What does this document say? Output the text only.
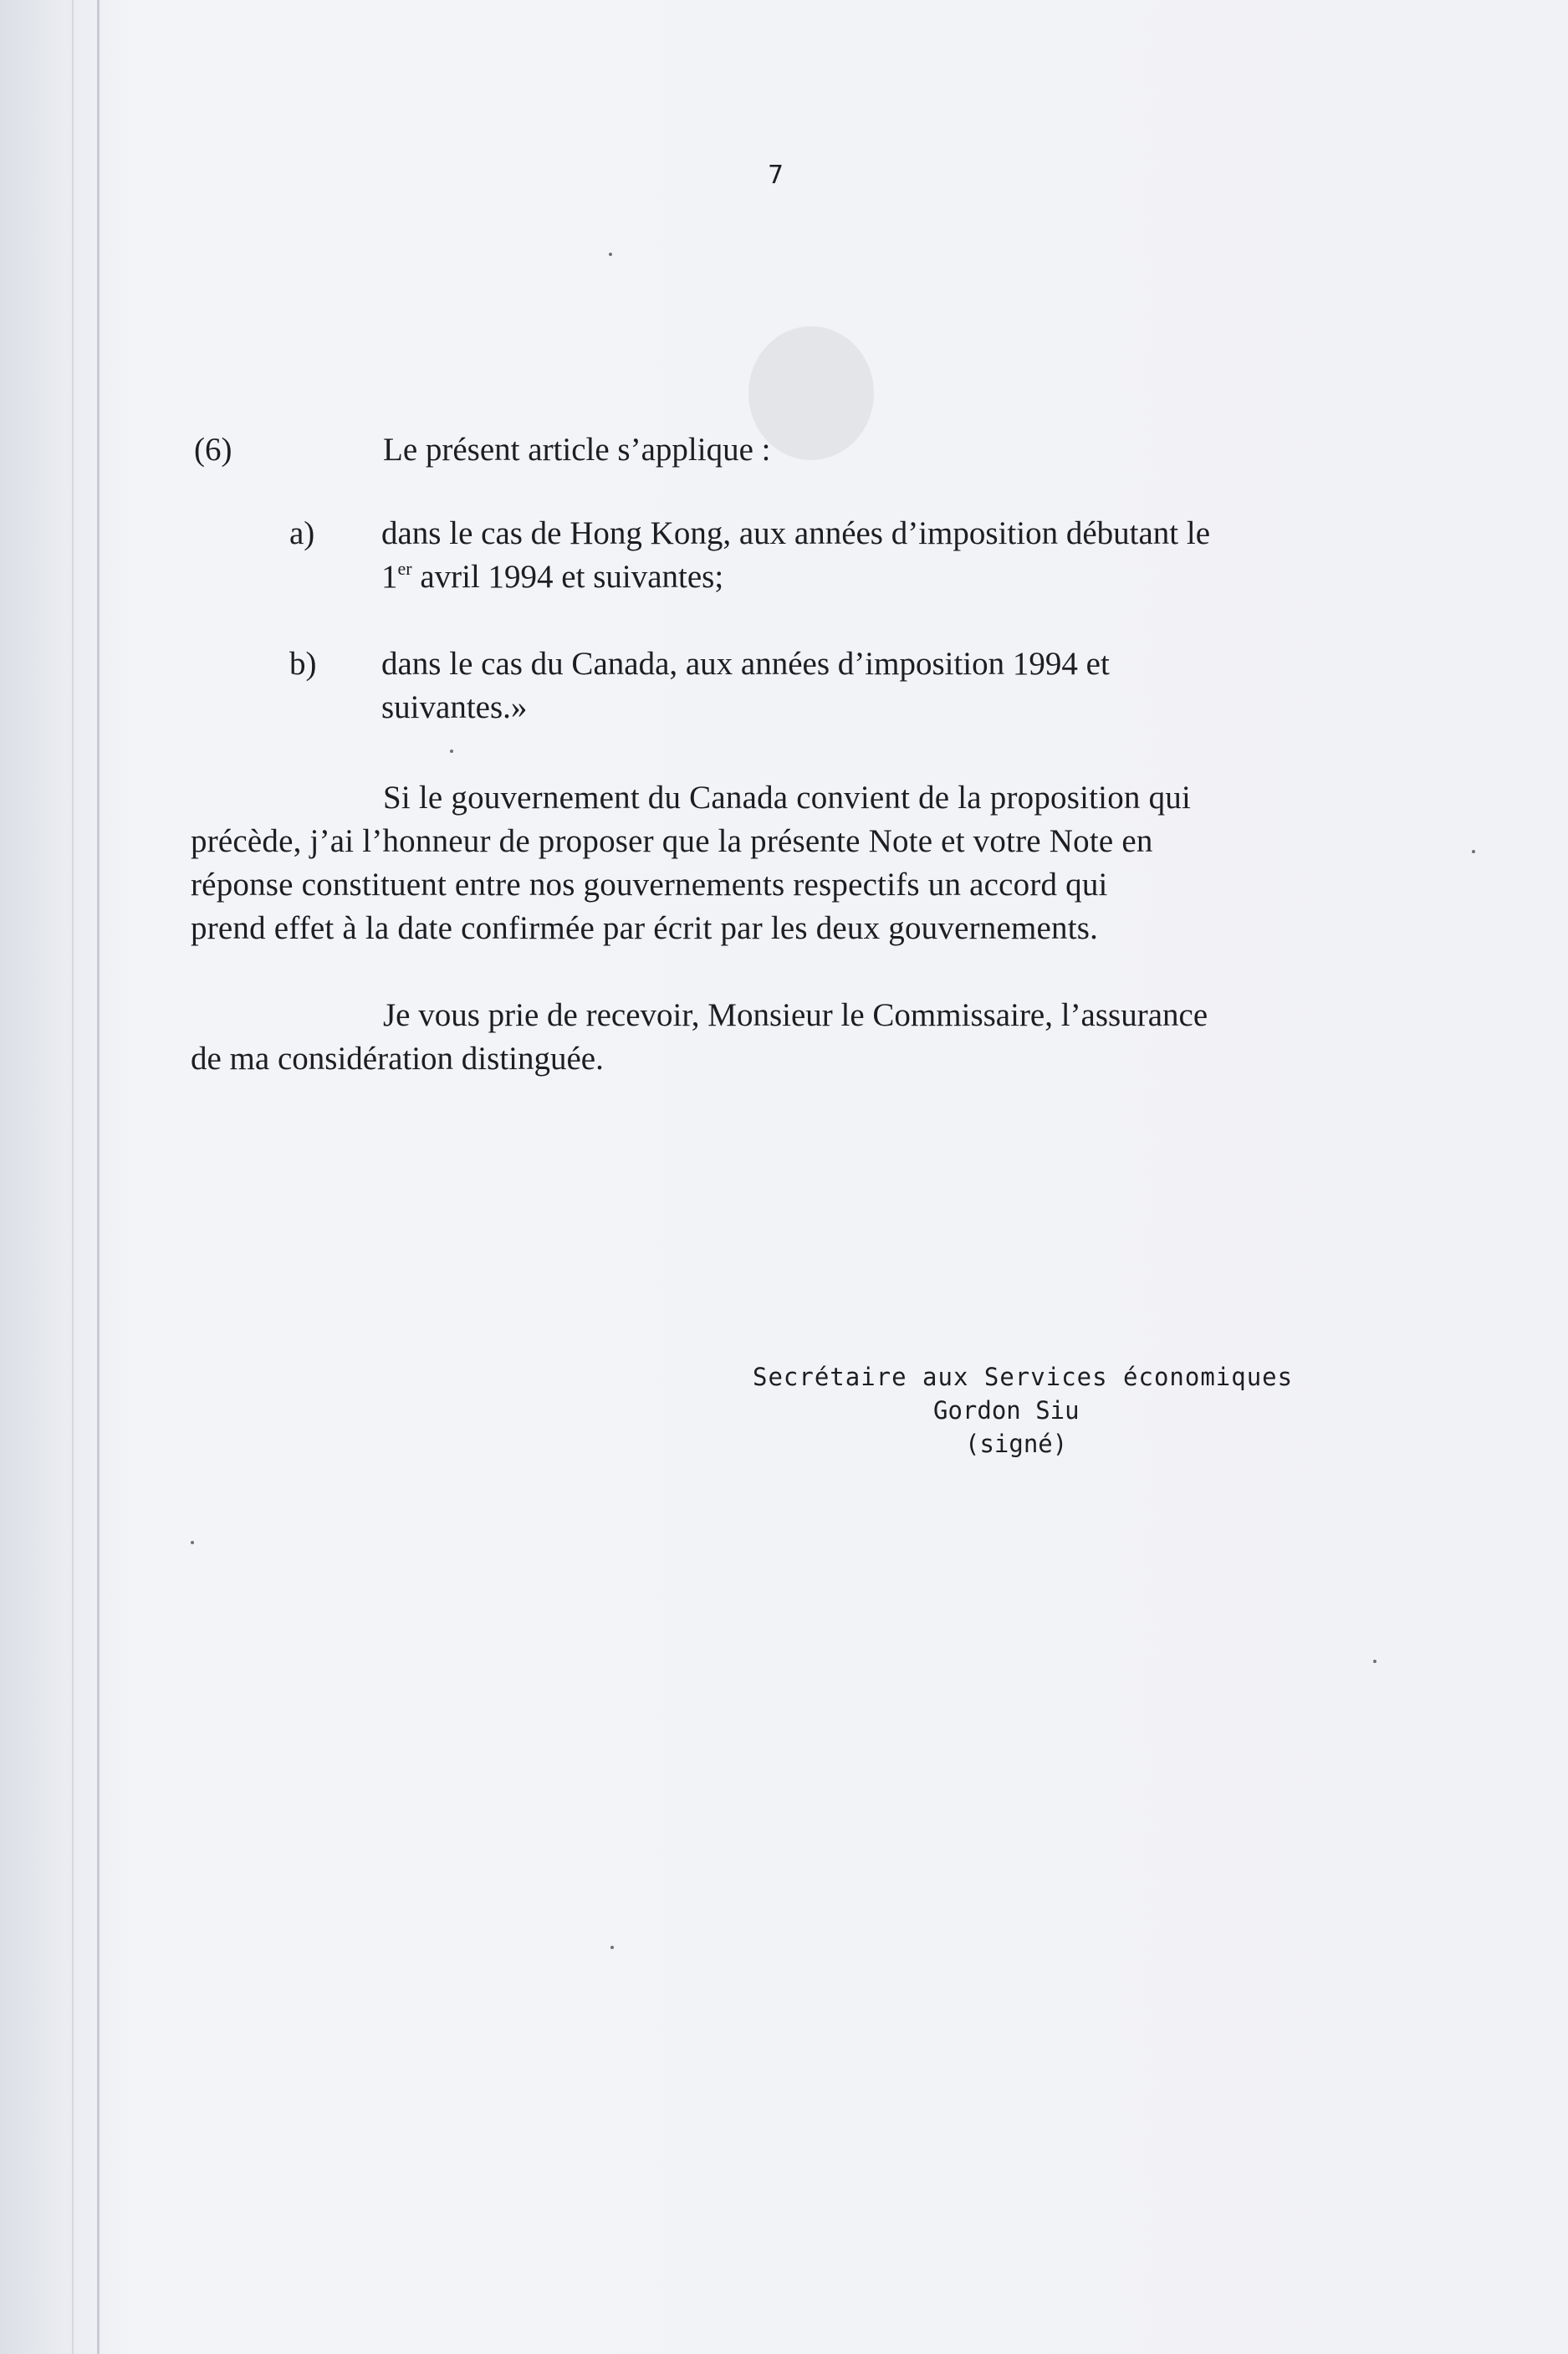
7
(6)	Le présent article s’applique :
a) dans le cas de Hong Kong, aux années d’imposition débutant le
1er avril 1994 et suivantes;
b) dans le cas du Canada, aux années d’imposition 1994 et
suivantes.»
Si le gouvernement du Canada convient de la proposition qui
précède, j’ai l’honneur de proposer que la présente Note et votre Note en
réponse constituent entre nos gouvernements respectifs un accord qui
prend effet à la date confirmée par écrit par les deux gouvernements.
Je vous prie de recevoir, Monsieur le Commissaire, l’assurance
de ma considération distinguée.
Secrétaire aux Services économiques
Gordon Siu
(signé)
